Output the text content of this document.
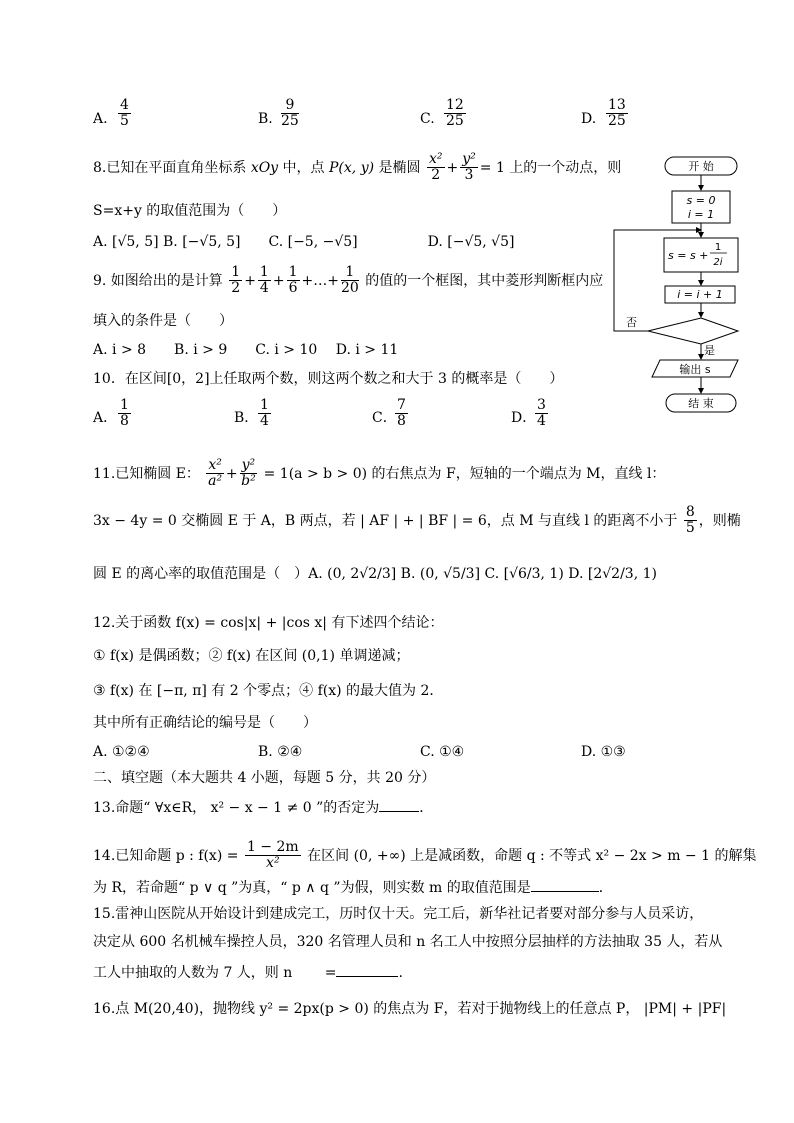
A. $\frac{4}{5}$	B. $\frac{9}{25}$	C. $\frac{12}{25}$	D. $\frac{13}{25}$
8.已知在平面直角坐标系 xOy 中，点 P(x, y) 是椭圆 $\frac{\text{x²}}{2} + \frac{\text{y²}}{3} = 1$ 上的一个动点，则
S=x+y 的取值范围为（　　）
A. [√5, 5] B. [−√5, 5]　　C. [−5, −√5]　　　　　D. [−√5, √5]
9. 如图给出的是计算 $\frac{1}{2} + \frac{1}{4} + \frac{1}{6}$ +…+ $\frac{1}{20}$ 的值的一个框图，其中菱形判断框内应
填入的条件是（　　）
A. i > 8　　B. i > 9　　C. i > 10　 D. i > 11
10．在区间[0，2]上任取两个数，则这两个数之和大于 3 的概率是（　　）
A． $\frac{1}{8}$	B． $\frac{1}{4}$	C．
$\frac{7}{8}$	D．
$\frac{3}{4}$
11.已知椭圆 E： $\frac{\text{x²}}{\text{a²}} + \frac{\text{y²}}{\text{b²}} = 1(a > b > 0)$ 的右焦点为 F，短轴的一个端点为 M，直线 l：
3x − 4y = 0 交椭圆 E 于 A，B 两点，若 | AF | + | BF | = 6，点 M 与直线 l 的距离不小于 $\frac{8}{5}$ ，则椭
圆 E 的离心率的取值范围是（　）A. (0, 2√2/3] B. (0, √5/3] C. [√6/3, 1) D. [2√2/3, 1)
12.关于函数 f(x) = cos|x| + |cos x| 有下述四个结论：
① f(x) 是偶函数；② f(x) 在区间 (0,1) 单调递减；
③ f(x) 在 [−π, π] 有 2 个零点；④ f(x) 的最大值为 2．
其中所有正确结论的编号是（　　）
A. ①②④	B. ②④	C. ①④	D. ①③
二、填空题（本大题共 4 小题，每题 5 分，共 20 分）
13.命题“ ∀x∈R， x² − x − 1 ≠ 0 ”的否定为	．
14.已知命题 p : $f(x) = \frac{1 - 2m}{\text{x²}}$ 在区间 (0, +∞) 上是减函数，命题 q : 不等式 x² − 2x > m − 1 的解集
为 R，若命题“ p ∨ q ”为真，“ p ∧ q ”为假，则实数 m 的取值范围是	．
15.雷神山医院从开始设计到建成完工，历时仅十天。完工后，新华社记者要对部分参与人员采访，
决定从 600 名机械车操控人员，320 名管理人员和 n 名工人中按照分层抽样的方法抽取 35 人，若从
工人中抽取的人数为 7 人，则 n　　 =	.
16.点 M(20,40)，抛物线 y² = 2px(p > 0) 的焦点为 F，若对于抛物线上的任意点 P， |PM| + |PF|
开 始
s = 0
i = 1
s = s +
1
2i
i = i + 1
否
是
输出 s
结 束
